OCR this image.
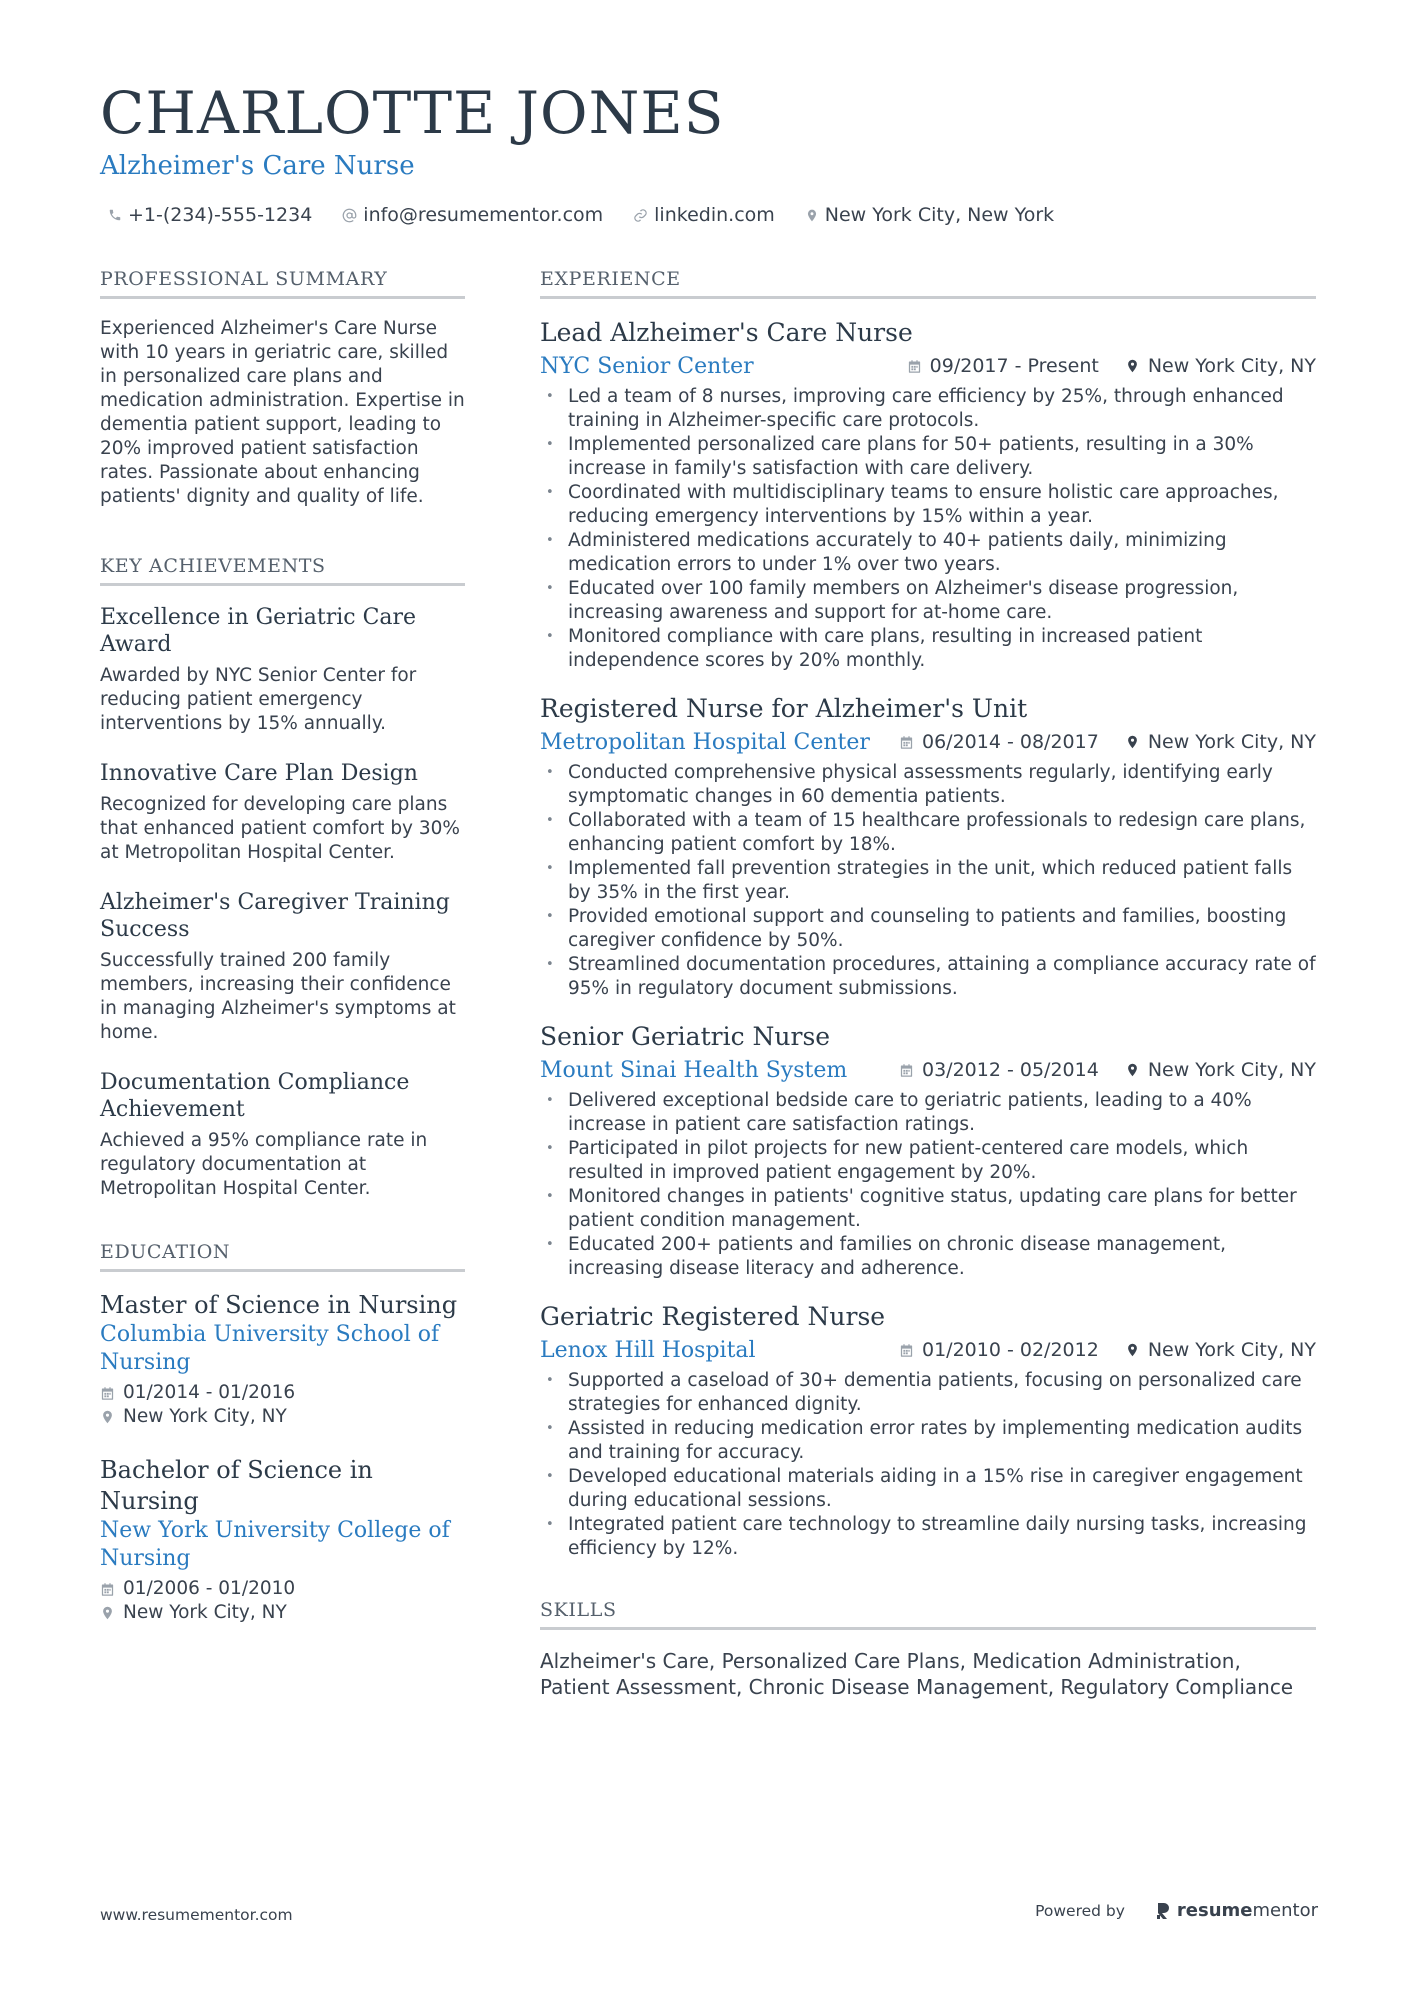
CHARLOTTE JONES
Alzheimer's Care Nurse
+1-(234)-555-1234	info@resumementor.com	linkedin.com	New York City, New York
PROFESSIONAL SUMMARY
Experienced Alzheimer's Care Nurse with 10 years in geriatric care, skilled in personalized care plans and medication administration. Expertise in dementia patient support, leading to 20% improved patient satisfaction rates. Passionate about enhancing patients' dignity and quality of life.
KEY ACHIEVEMENTS
Excellence in Geriatric Care Award
Awarded by NYC Senior Center for reducing patient emergency interventions by 15% annually.
Innovative Care Plan Design
Recognized for developing care plans that enhanced patient comfort by 30% at Metropolitan Hospital Center.
Alzheimer's Caregiver Training Success
Successfully trained 200 family members, increasing their confidence in managing Alzheimer's symptoms at home.
Documentation Compliance Achievement
Achieved a 95% compliance rate in regulatory documentation at Metropolitan Hospital Center.
EDUCATION
Master of Science in Nursing
Columbia University School of Nursing
01/2014 - 01/2016
New York City, NY
Bachelor of Science in Nursing
New York University College of Nursing
01/2006 - 01/2010
New York City, NY
EXPERIENCE
Lead Alzheimer's Care Nurse
NYC Senior Center	09/2017 - Present	New York City, NY
• Led a team of 8 nurses, improving care efficiency by 25%, through enhanced training in Alzheimer-specific care protocols.
• Implemented personalized care plans for 50+ patients, resulting in a 30% increase in family's satisfaction with care delivery.
• Coordinated with multidisciplinary teams to ensure holistic care approaches, reducing emergency interventions by 15% within a year.
• Administered medications accurately to 40+ patients daily, minimizing medication errors to under 1% over two years.
• Educated over 100 family members on Alzheimer's disease progression, increasing awareness and support for at-home care.
• Monitored compliance with care plans, resulting in increased patient independence scores by 20% monthly.
Registered Nurse for Alzheimer's Unit
Metropolitan Hospital Center	06/2014 - 08/2017	New York City, NY
• Conducted comprehensive physical assessments regularly, identifying early symptomatic changes in 60 dementia patients.
• Collaborated with a team of 15 healthcare professionals to redesign care plans, enhancing patient comfort by 18%.
• Implemented fall prevention strategies in the unit, which reduced patient falls by 35% in the first year.
• Provided emotional support and counseling to patients and families, boosting caregiver confidence by 50%.
• Streamlined documentation procedures, attaining a compliance accuracy rate of 95% in regulatory document submissions.
Senior Geriatric Nurse
Mount Sinai Health System	03/2012 - 05/2014	New York City, NY
• Delivered exceptional bedside care to geriatric patients, leading to a 40% increase in patient care satisfaction ratings.
• Participated in pilot projects for new patient-centered care models, which resulted in improved patient engagement by 20%.
• Monitored changes in patients' cognitive status, updating care plans for better patient condition management.
• Educated 200+ patients and families on chronic disease management, increasing disease literacy and adherence.
Geriatric Registered Nurse
Lenox Hill Hospital	01/2010 - 02/2012	New York City, NY
• Supported a caseload of 30+ dementia patients, focusing on personalized care strategies for enhanced dignity.
• Assisted in reducing medication error rates by implementing medication audits and training for accuracy.
• Developed educational materials aiding in a 15% rise in caregiver engagement during educational sessions.
• Integrated patient care technology to streamline daily nursing tasks, increasing efficiency by 12%.
SKILLS
Alzheimer's Care, Personalized Care Plans, Medication Administration,
Patient Assessment, Chronic Disease Management, Regulatory Compliance
www.resumementor.com	Powered by	resume mentor
